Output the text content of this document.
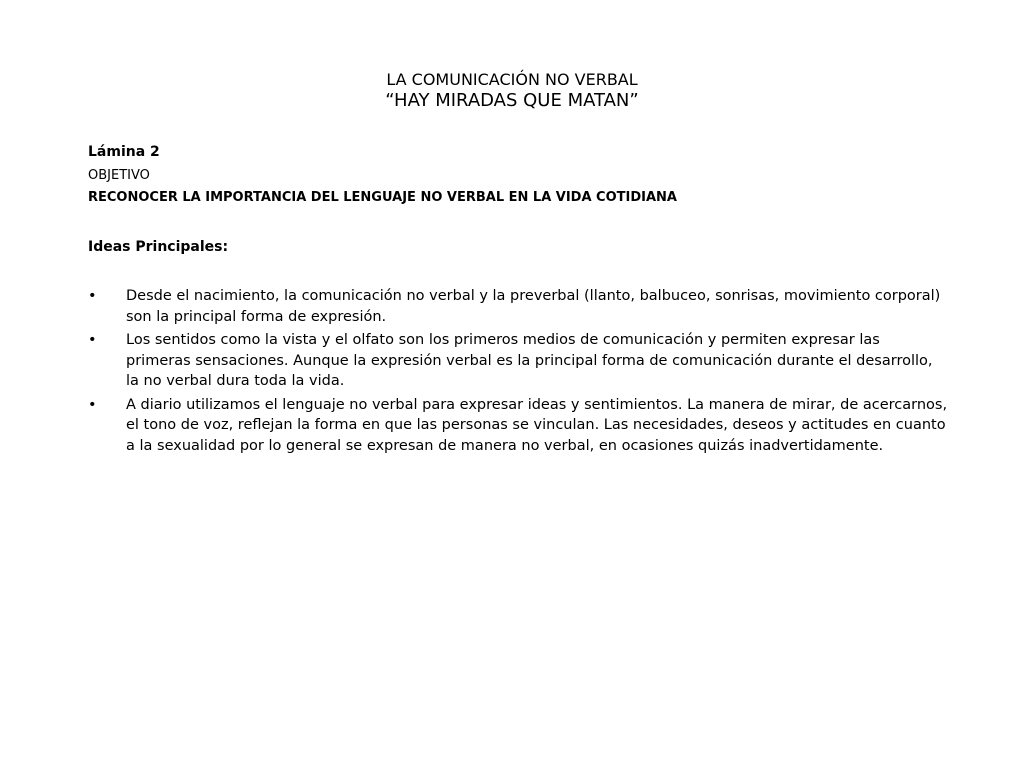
LA COMUNICACIÓN NO VERBAL
“HAY MIRADAS QUE MATAN”
Lámina 2
OBJETIVO
RECONOCER LA IMPORTANCIA DEL LENGUAJE NO VERBAL EN LA VIDA COTIDIANA
Ideas Principales:
• Desde el nacimiento, la comunicación no verbal y la preverbal (llanto, balbuceo, sonrisas, movimiento corporal) son la principal forma de expresión.
• Los sentidos como la vista y el olfato son los primeros medios de comunicación y permiten expresar las primeras sensaciones. Aunque la expresión verbal es la principal forma de comunicación durante el desarrollo, la no verbal dura toda la vida.
• A diario utilizamos el lenguaje no verbal para expresar ideas y sentimientos. La manera de mirar, de acercarnos, el tono de voz, reflejan la forma en que las personas se vinculan. Las necesidades, deseos y actitudes en cuanto a la sexualidad por lo general se expresan de manera no verbal, en ocasiones quizás inadvertidamente.
